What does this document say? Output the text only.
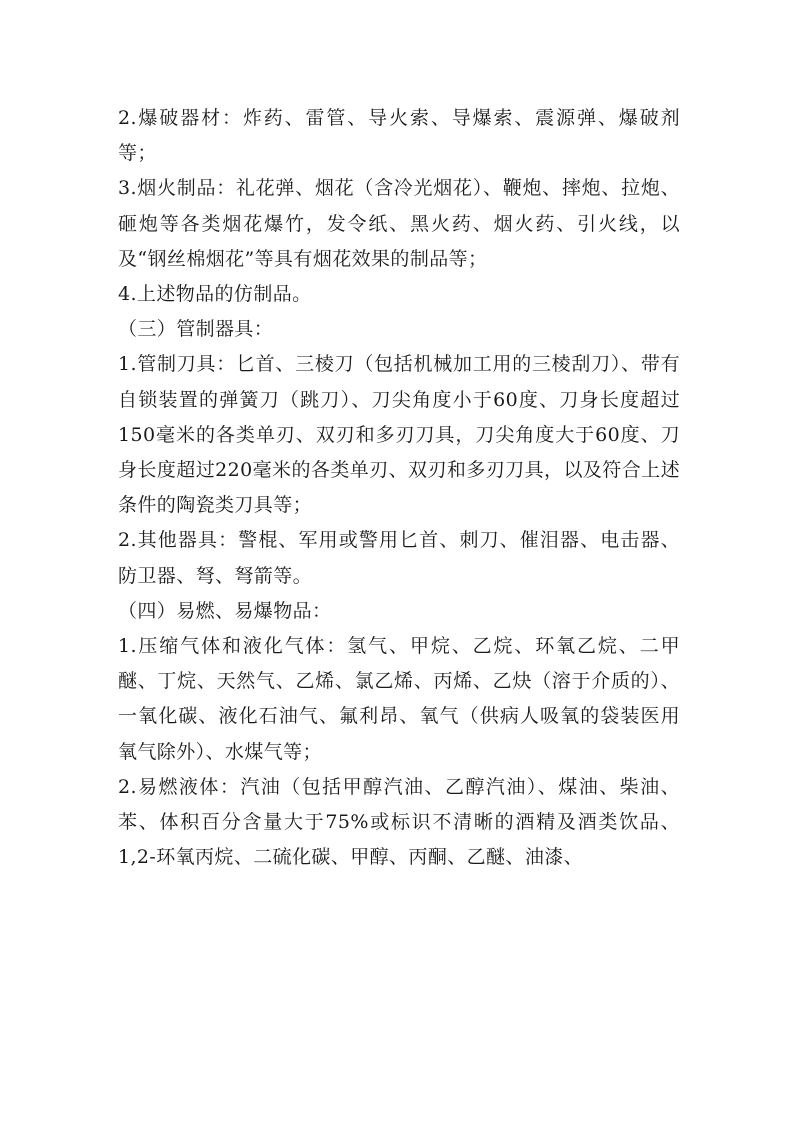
2.爆破器材：炸药、雷管、导火索、导爆索、震源弹、爆破剂等；

3.烟火制品：礼花弹、烟花（含冷光烟花）、鞭炮、摔炮、拉炮、砸炮等各类烟花爆竹，发令纸、黑火药、烟火药、引火线，以及“钢丝棉烟花”等具有烟花效果的制品等；

4.上述物品的仿制品。

（三）管制器具：

1.管制刀具：匕首、三棱刀（包括机械加工用的三棱刮刀）、带有自锁装置的弹簧刀（跳刀）、刀尖角度小于60度、刀身长度超过150毫米的各类单刃、双刃和多刃刀具，刀尖角度大于60度、刀身长度超过220毫米的各类单刃、双刃和多刃刀具，以及符合上述条件的陶瓷类刀具等；

2.其他器具：警棍、军用或警用匕首、刺刀、催泪器、电击器、防卫器、弩、弩箭等。

（四）易燃、易爆物品：

1.压缩气体和液化气体：氢气、甲烷、乙烷、环氧乙烷、二甲醚、丁烷、天然气、乙烯、氯乙烯、丙烯、乙炔（溶于介质的）、一氧化碳、液化石油气、氟利昂、氧气（供病人吸氧的袋装医用氧气除外）、水煤气等；

2.易燃液体：汽油（包括甲醇汽油、乙醇汽油）、煤油、柴油、苯、体积百分含量大于75%或标识不清晰的酒精及酒类饮品、1,2-环氧丙烷、二硫化碳、甲醇、丙酮、乙醚、油漆、
